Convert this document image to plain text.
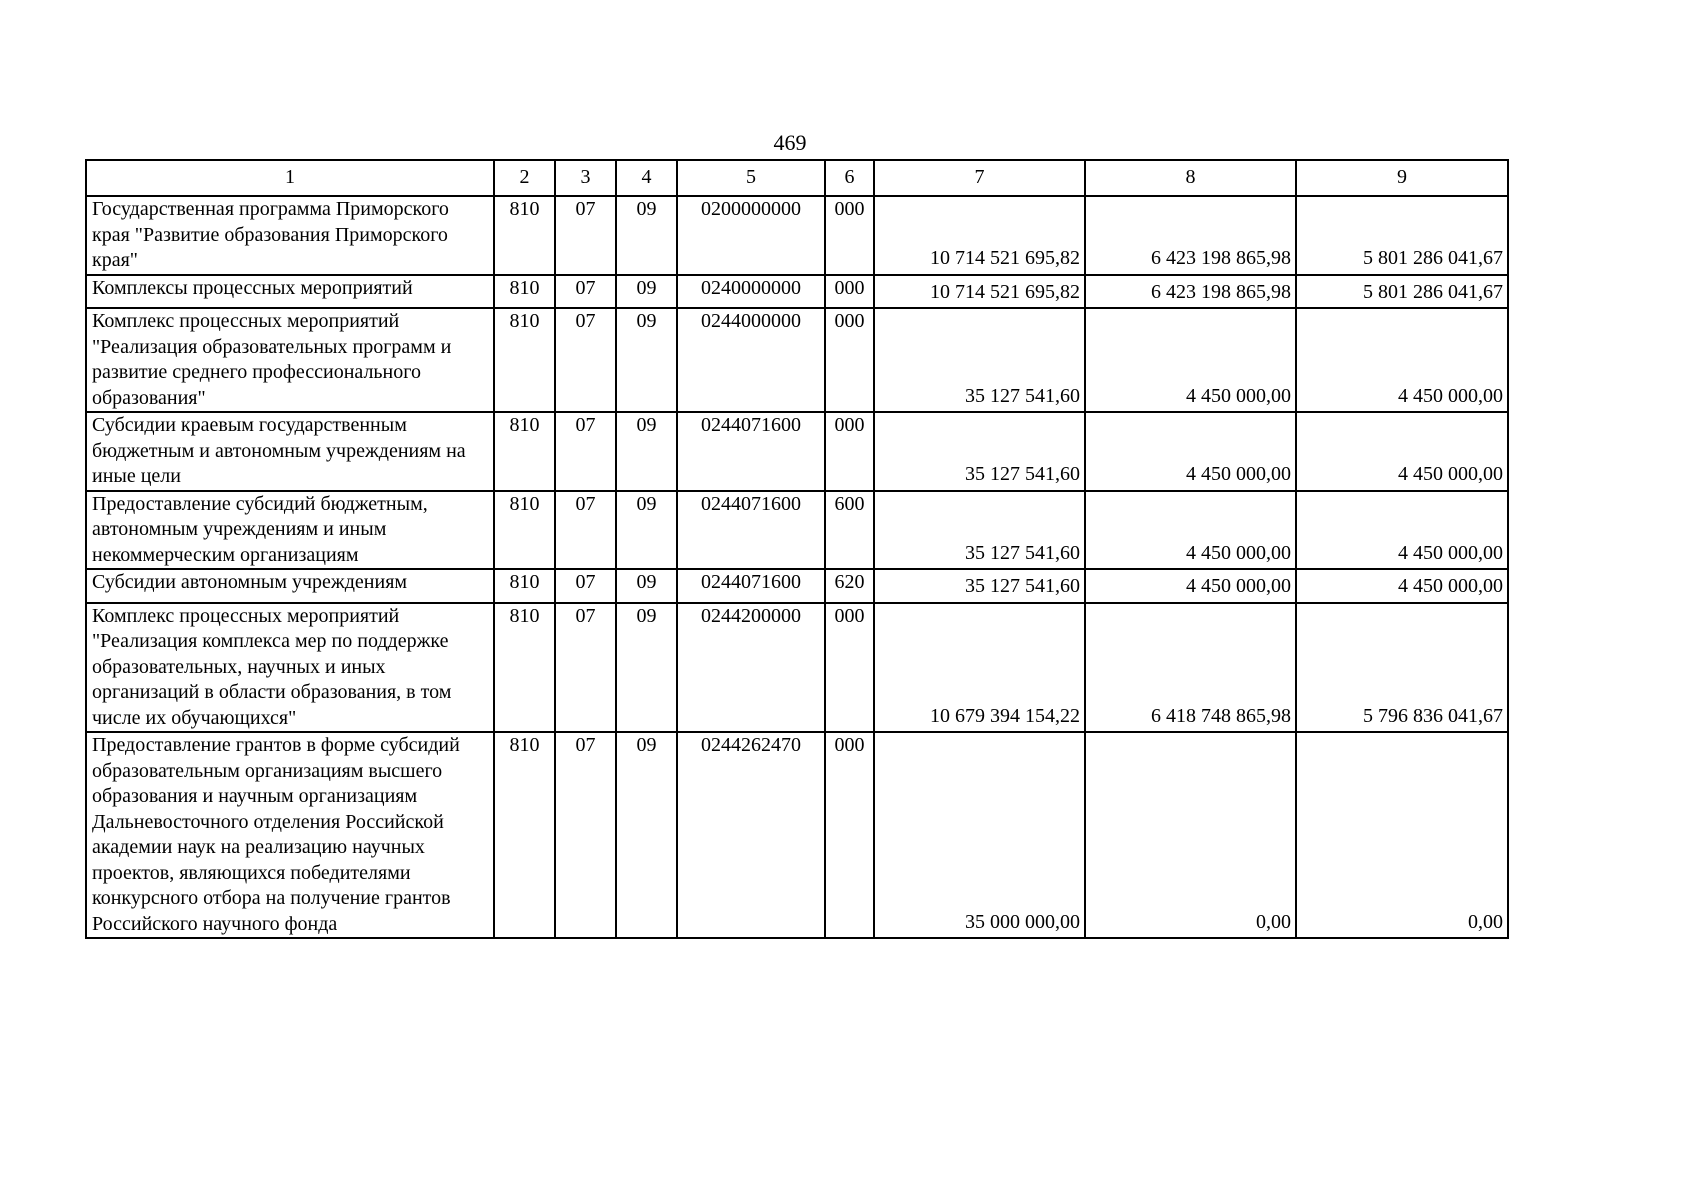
469
1	2	3	4	5	6	7	8	9
Государственная программа Приморского края "Развитие образования Приморского края"	810	07	09	0200000000	000	10 714 521 695,82	6 423 198 865,98	5 801 286 041,67
Комплексы процессных мероприятий	810	07	09	0240000000	000	10 714 521 695,82	6 423 198 865,98	5 801 286 041,67
Комплекс процессных мероприятий "Реализация образовательных программ и развитие среднего профессионального образования"	810	07	09	0244000000	000	35 127 541,60	4 450 000,00	4 450 000,00
Субсидии краевым государственным бюджетным и автономным учреждениям на иные цели	810	07	09	0244071600	000	35 127 541,60	4 450 000,00	4 450 000,00
Предоставление субсидий бюджетным, автономным учреждениям и иным некоммерческим организациям	810	07	09	0244071600	600	35 127 541,60	4 450 000,00	4 450 000,00
Субсидии автономным учреждениям	810	07	09	0244071600	620	35 127 541,60	4 450 000,00	4 450 000,00
Комплекс процессных мероприятий "Реализация комплекса мер по поддержке образовательных, научных и иных организаций в области образования, в том числе их обучающихся"	810	07	09	0244200000	000	10 679 394 154,22	6 418 748 865,98	5 796 836 041,67
Предоставление грантов в форме субсидий образовательным организациям высшего образования и научным организациям Дальневосточного отделения Российской академии наук на реализацию научных проектов, являющихся победителями конкурсного отбора на получение грантов Российского научного фонда	810	07	09	0244262470	000	35 000 000,00	0,00	0,00
